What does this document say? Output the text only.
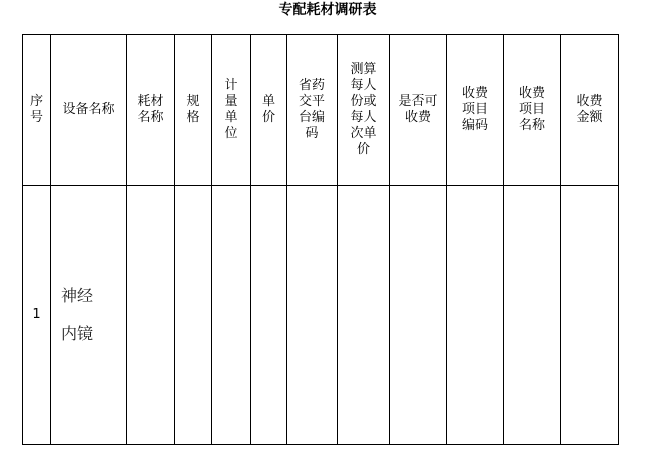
专配耗材调研表
序号	设备名称	耗材名称	规格	计量单位	单价	省药交平台编码	测算每人份或每人次单价	是否可收费	收费项目编码	收费项目名称	收费金额

1	神经内镜										
